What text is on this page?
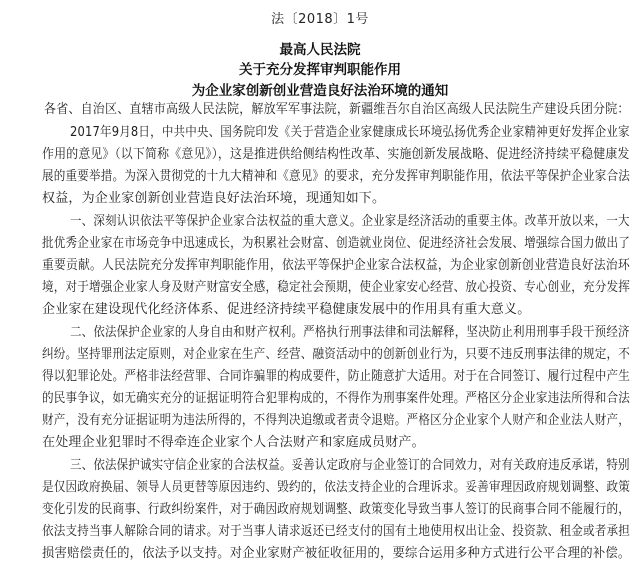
法〔2018〕1号
最高人民法院
关于充分发挥审判职能作用
为企业家创新创业营造良好法治环境的通知
各省、自治区、直辖市高级人民法院，解放军军事法院，新疆维吾尔自治区高级人民法院生产建设兵团分院：
2017年9月8日，中共中央、国务院印发《关于营造企业家健康成长环境弘扬优秀企业家精神更好发挥企业家
作用的意见》（以下简称《意见》），这是推进供给侧结构性改革、实施创新发展战略、促进经济持续平稳健康发
展的重要举措。为深入贯彻党的十九大精神和《意见》的要求，充分发挥审判职能作用，依法平等保护企业家合法
权益，为企业家创新创业营造良好法治环境，现通知如下。
一、深刻认识依法平等保护企业家合法权益的重大意义。企业家是经济活动的重要主体。改革开放以来，一大
批优秀企业家在市场竞争中迅速成长，为积累社会财富、创造就业岗位、促进经济社会发展、增强综合国力做出了
重要贡献。人民法院充分发挥审判职能作用，依法平等保护企业家合法权益，为企业家创新创业营造良好法治环
境，对于增强企业家人身及财产财富安全感，稳定社会预期，使企业家安心经营、放心投资、专心创业，充分发挥
企业家在建设现代化经济体系、促进经济持续平稳健康发展中的作用具有重大意义。
二、依法保护企业家的人身自由和财产权利。严格执行刑事法律和司法解释，坚决防止利用刑事手段干预经济
纠纷。坚持罪刑法定原则，对企业家在生产、经营、融资活动中的创新创业行为，只要不违反刑事法律的规定，不
得以犯罪论处。严格非法经营罪、合同诈骗罪的构成要件，防止随意扩大适用。对于在合同签订、履行过程中产生
的民事争议，如无确实充分的证据证明符合犯罪构成的，不得作为刑事案件处理。严格区分企业家违法所得和合法
财产，没有充分证据证明为违法所得的，不得判决追缴或者责令退赔。严格区分企业家个人财产和企业法人财产，
在处理企业犯罪时不得牵连企业家个人合法财产和家庭成员财产。
三、依法保护诚实守信企业家的合法权益。妥善认定政府与企业签订的合同效力，对有关政府违反承诺，特别
是仅因政府换届、领导人员更替等原因违约、毁约的，依法支持企业的合理诉求。妥善审理因政府规划调整、政策
变化引发的民商事、行政纠纷案件，对于确因政府规划调整、政策变化导致当事人签订的民商事合同不能履行的，
依法支持当事人解除合同的请求。对于当事人请求返还已经支付的国有土地使用权出让金、投资款、租金或者承担
损害赔偿责任的，依法予以支持。对企业家财产被征收征用的，要综合运用多种方式进行公平合理的补偿。
